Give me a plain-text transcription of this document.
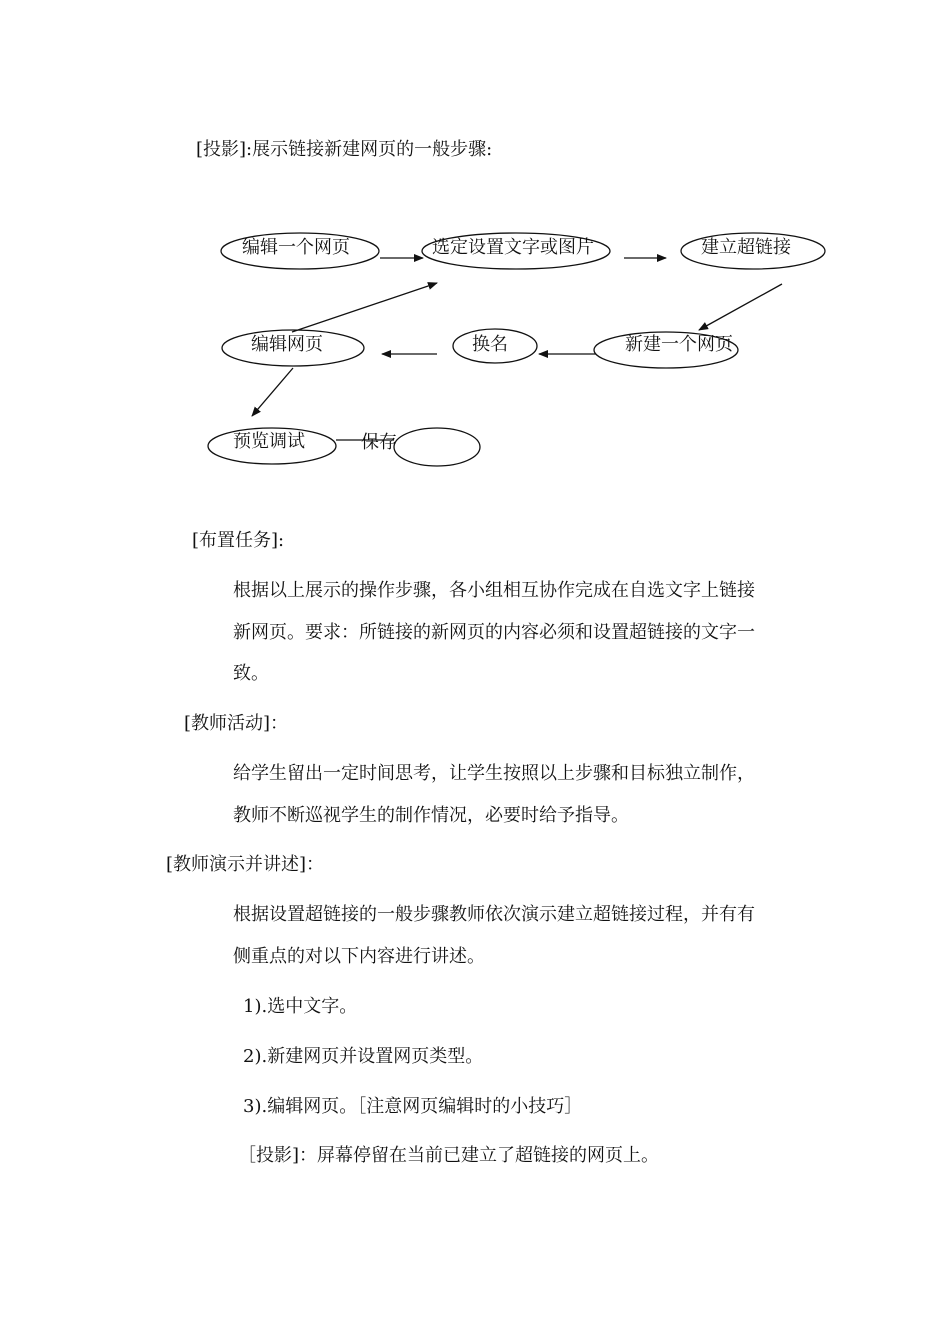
[投影]:展示链接新建网页的一般步骤:
编辑一个网页	选定设置文字或图片	建立超链接
新建一个网页
换名
编辑网页
预览调试	保存
[布置任务]:
根据以上展示的操作步骤，各小组相互协作完成在自选文字上链接
新网页。要求：所链接的新网页的内容必须和设置超链接的文字一
致。
[教师活动]：
给学生留出一定时间思考，让学生按照以上步骤和目标独立制作，
教师不断巡视学生的制作情况，必要时给予指导。
[教师演示并讲述]：
根据设置超链接的一般步骤教师依次演示建立超链接过程，并有有
侧重点的对以下内容进行讲述。
1).选中文字。
2).新建网页并设置网页类型。
3).编辑网页。［注意网页编辑时的小技巧］
［投影]：屏幕停留在当前已建立了超链接的网页上。
